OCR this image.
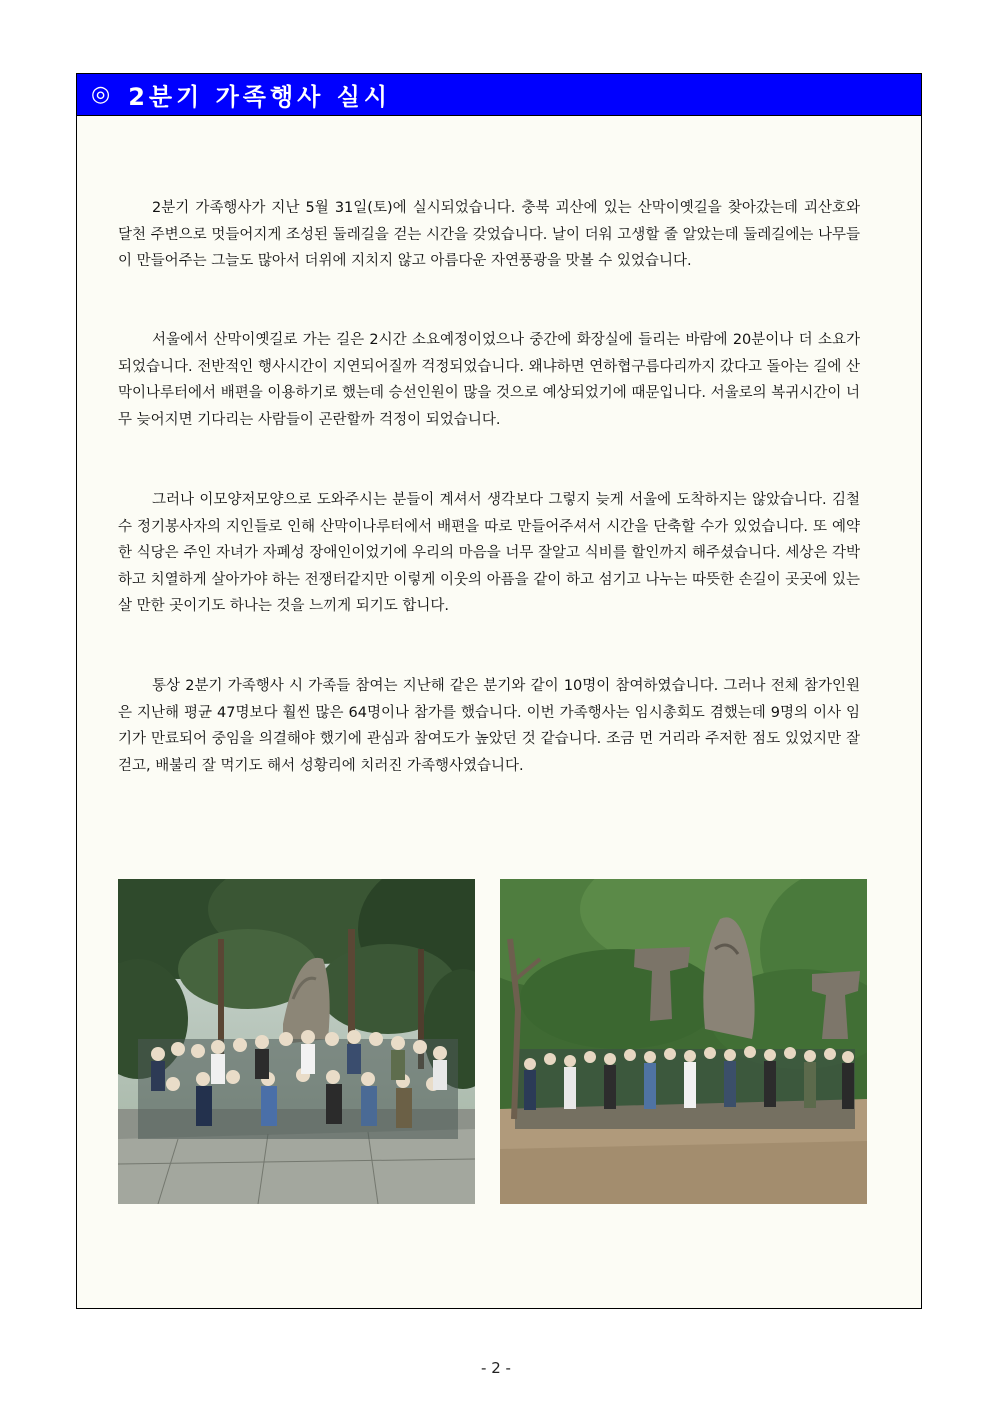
◎ 2분기 가족행사 실시

2분기 가족행사가 지난 5월 31일(토)에 실시되었습니다. 충북 괴산에 있는 산막이옛길을 찾아갔는데 괴산호와 달천 주변으로 멋들어지게 조성된 둘레길을 걷는 시간을 갖었습니다. 날이 더워 고생할 줄 알았는데 둘레길에는 나무들이 만들어주는 그늘도 많아서 더위에 지치지 않고 아름다운 자연풍광을 맛볼 수 있었습니다.

서울에서 산막이옛길로 가는 길은 2시간 소요예정이었으나 중간에 화장실에 들리는 바람에 20분이나 더 소요가 되었습니다. 전반적인 행사시간이 지연되어질까 걱정되었습니다. 왜냐하면 연하협구름다리까지 갔다고 돌아는 길에 산막이나루터에서 배편을 이용하기로 했는데 승선인원이 많을 것으로 예상되었기에 때문입니다. 서울로의 복귀시간이 너무 늦어지면 기다리는 사람들이 곤란할까 걱정이 되었습니다.

그러나 이모양저모양으로 도와주시는 분들이 계셔서 생각보다 그렇지 늦게 서울에 도착하지는 않았습니다. 김철수 정기봉사자의 지인들로 인해 산막이나루터에서 배편을 따로 만들어주셔서 시간을 단축할 수가 있었습니다. 또 예약한 식당은 주인 자녀가 자폐성 장애인이었기에 우리의 마음을 너무 잘알고 식비를 할인까지 해주셨습니다. 세상은 각박하고 치열하게 살아가야 하는 전쟁터같지만 이렇게 이웃의 아픔을 같이 하고 섬기고 나누는 따뜻한 손길이 곳곳에 있는 살 만한 곳이기도 하나는 것을 느끼게 되기도 합니다.

통상 2분기 가족행사 시 가족들 참여는 지난해 같은 분기와 같이 10명이 참여하였습니다. 그러나 전체 참가인원은 지난해 평균 47명보다 훨씬 많은 64명이나 참가를 했습니다. 이번 가족행사는 임시총회도 겸했는데 9명의 이사 임기가 만료되어 중임을 의결해야 했기에 관심과 참여도가 높았던 것 같습니다. 조금 먼 거리라 주저한 점도 있었지만 잘 걷고, 배불리 잘 먹기도 해서 성황리에 치러진 가족행사였습니다.

- 2 -
